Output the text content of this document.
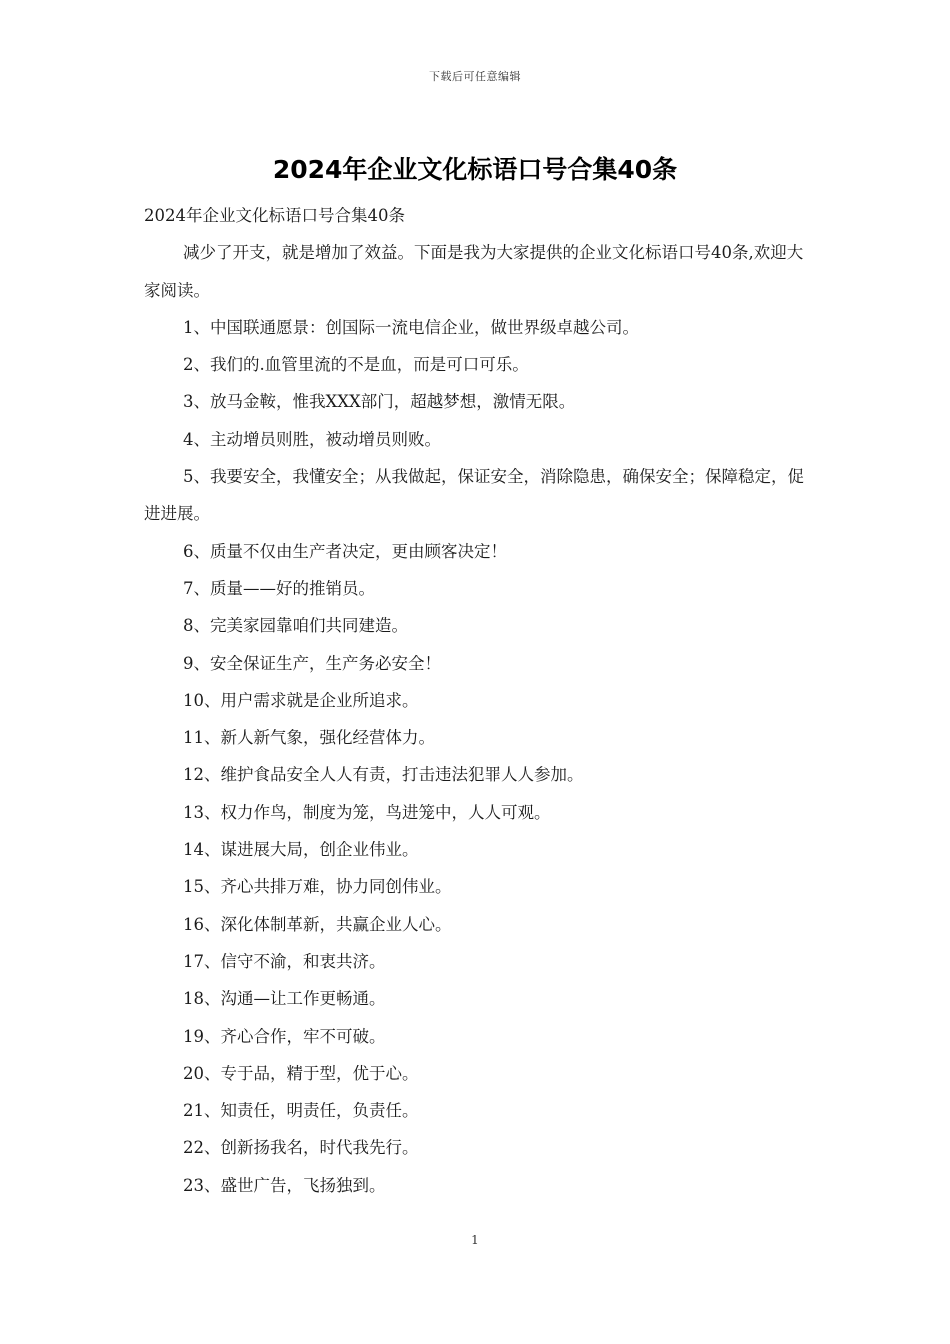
下载后可任意编辑
2024年企业文化标语口号合集40条

2024年企业文化标语口号合集40条

减少了开支，就是增加了效益。下面是我为大家提供的企业文化标语口号40条,欢迎大家阅读。

1、中国联通愿景：创国际一流电信企业，做世界级卓越公司。

2、我们的.血管里流的不是血，而是可口可乐。

3、放马金鞍，惟我XXX部门，超越梦想，激情无限。

4、主动增员则胜，被动增员则败。

5、我要安全，我懂安全；从我做起，保证安全，消除隐患，确保安全；保障稳定，促进进展。

6、质量不仅由生产者决定，更由顾客决定！

7、质量——好的推销员。

8、完美家园靠咱们共同建造。

9、安全保证生产，生产务必安全！

10、用户需求就是企业所追求。

11、新人新气象，强化经营体力。

12、维护食品安全人人有责，打击违法犯罪人人参加。

13、权力作鸟，制度为笼，鸟进笼中，人人可观。

14、谋进展大局，创企业伟业。

15、齐心共排万难，协力同创伟业。

16、深化体制革新，共赢企业人心。

17、信守不渝，和衷共济。

18、沟通—让工作更畅通。

19、齐心合作，牢不可破。

20、专于品，精于型，优于心。

21、知责任，明责任，负责任。

22、创新扬我名，时代我先行。

23、盛世广告，飞扬独到。

1
